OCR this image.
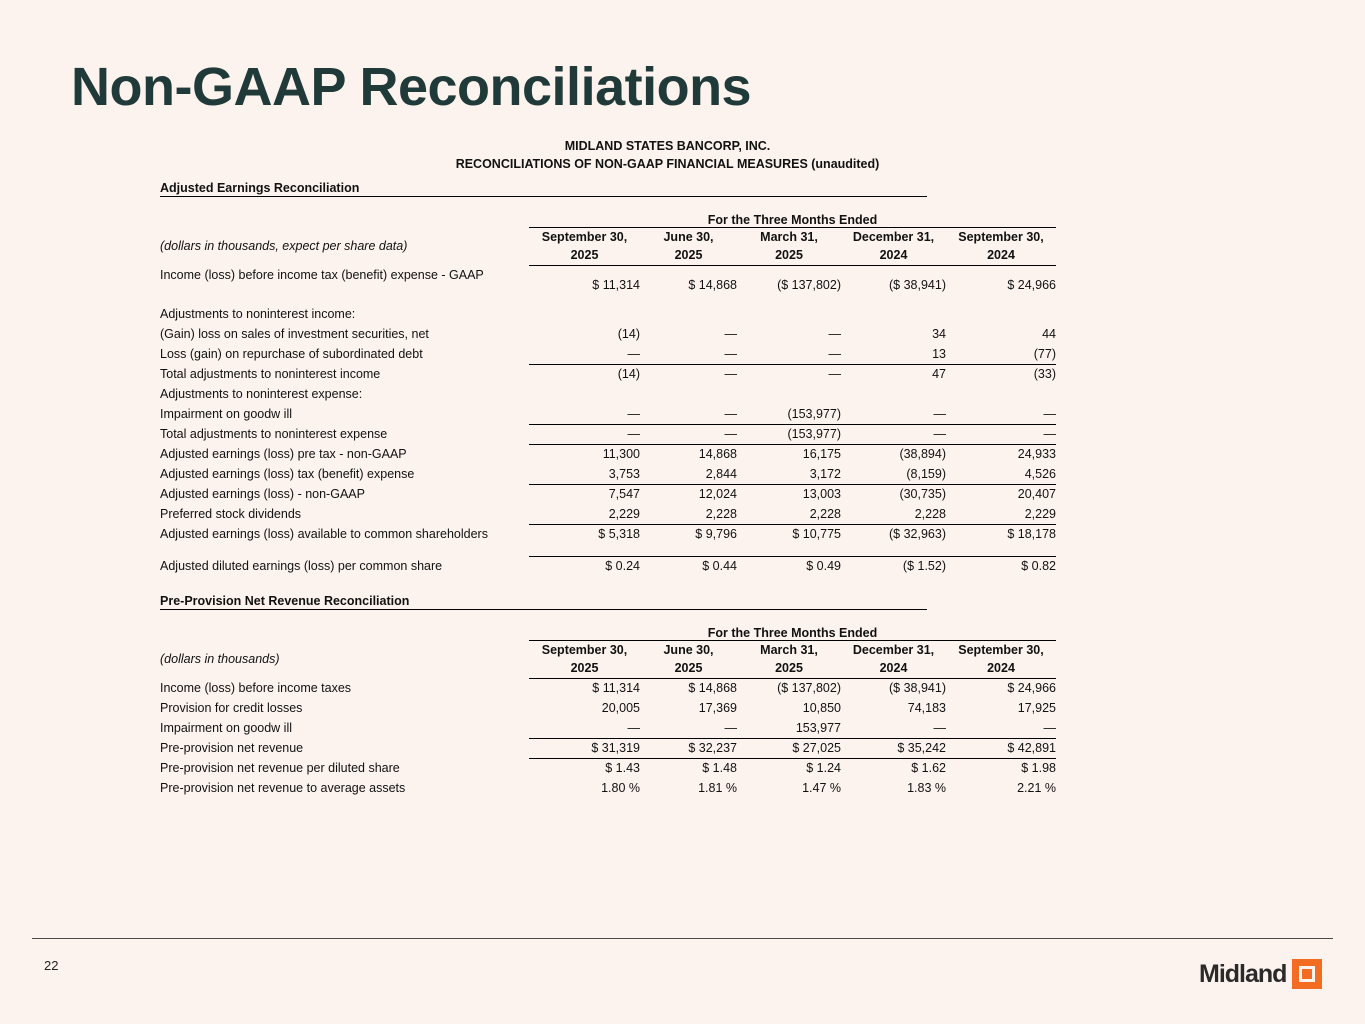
Non-GAAP Reconciliations
MIDLAND STATES BANCORP, INC.
RECONCILIATIONS OF NON-GAAP FINANCIAL MEASURES (unaudited)
Adjusted Earnings Reconciliation
	For the Three Months Ended				
(dollars in thousands, expect per share data)	September 30,	June 30,	March 31,	December 31,	September 30,
	2025	2025	2025	2024	2024
Income (loss) before income tax (benefit) expense - GAAP	$ 11,314	$ 14,868	($ 137,802)	($ 38,941)	$ 24,966
Adjustments to noninterest income:					
(Gain) loss on sales of investment securities, net	(14)	—	—	34	44
Loss (gain) on repurchase of subordinated debt	—	—	—	13	(77)
Total adjustments to noninterest income	(14)	—	—	47	(33)
Adjustments to noninterest expense:					
Impairment on goodw ill	—	—	(153,977)	—	—
Total adjustments to noninterest expense	—	—	(153,977)	—	—
Adjusted earnings (loss) pre tax - non-GAAP	11,300	14,868	16,175	(38,894)	24,933
Adjusted earnings (loss) tax (benefit) expense	3,753	2,844	3,172	(8,159)	4,526
Adjusted earnings (loss) - non-GAAP	7,547	12,024	13,003	(30,735)	20,407
Preferred stock dividends	2,229	2,228	2,228	2,228	2,229
Adjusted earnings (loss) available to common shareholders	$ 5,318	$ 9,796	$ 10,775	($ 32,963)	$ 18,178

Adjusted diluted earnings (loss) per common share	$ 0.24	$ 0.44	$ 0.49	($ 1.52)	$ 0.82
Pre-Provision Net Revenue Reconciliation
	For the Three Months Ended				
(dollars in thousands)	September 30,	June 30,	March 31,	December 31,	September 30,
	2025	2025	2025	2024	2024
Income (loss) before income taxes	$ 11,314	$ 14,868	($ 137,802)	($ 38,941)	$ 24,966
Provision for credit losses	20,005	17,369	10,850	74,183	17,925
Impairment on goodw ill	—	—	153,977	—	—
Pre-provision net revenue	$ 31,319	$ 32,237	$ 27,025	$ 35,242	$ 42,891
Pre-provision net revenue per diluted share	$ 1.43	$ 1.48	$ 1.24	$ 1.62	$ 1.98
Pre-provision net revenue to average assets	1.80 %	1.81 %	1.47 %	1.83 %	2.21 %
22	Midland
